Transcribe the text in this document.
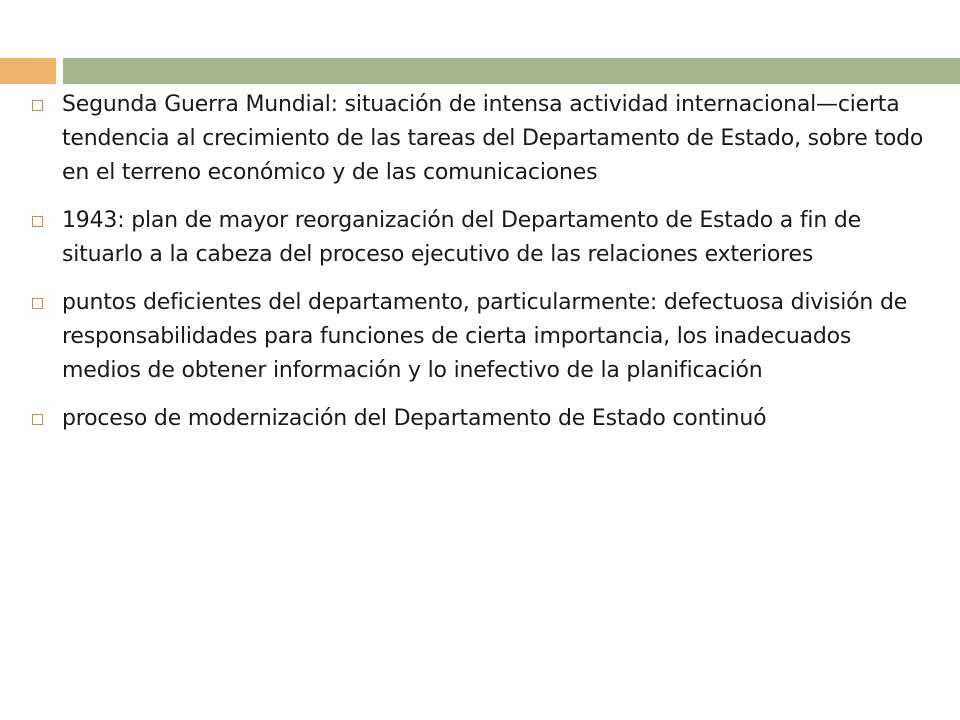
Segunda Guerra Mundial: situación de intensa actividad internacional—cierta tendencia al crecimiento de las tareas del Departamento de Estado, sobre todo en el terreno económico y de las comunicaciones
1943: plan de mayor reorganización del Departamento de Estado a fin de situarlo a la cabeza del proceso ejecutivo de las relaciones exteriores
puntos deficientes del departamento, particularmente: defectuosa división de responsabilidades para funciones de cierta importancia, los inadecuados medios de obtener información y lo inefectivo de la planificación
proceso de modernización del Departamento de Estado continuó
